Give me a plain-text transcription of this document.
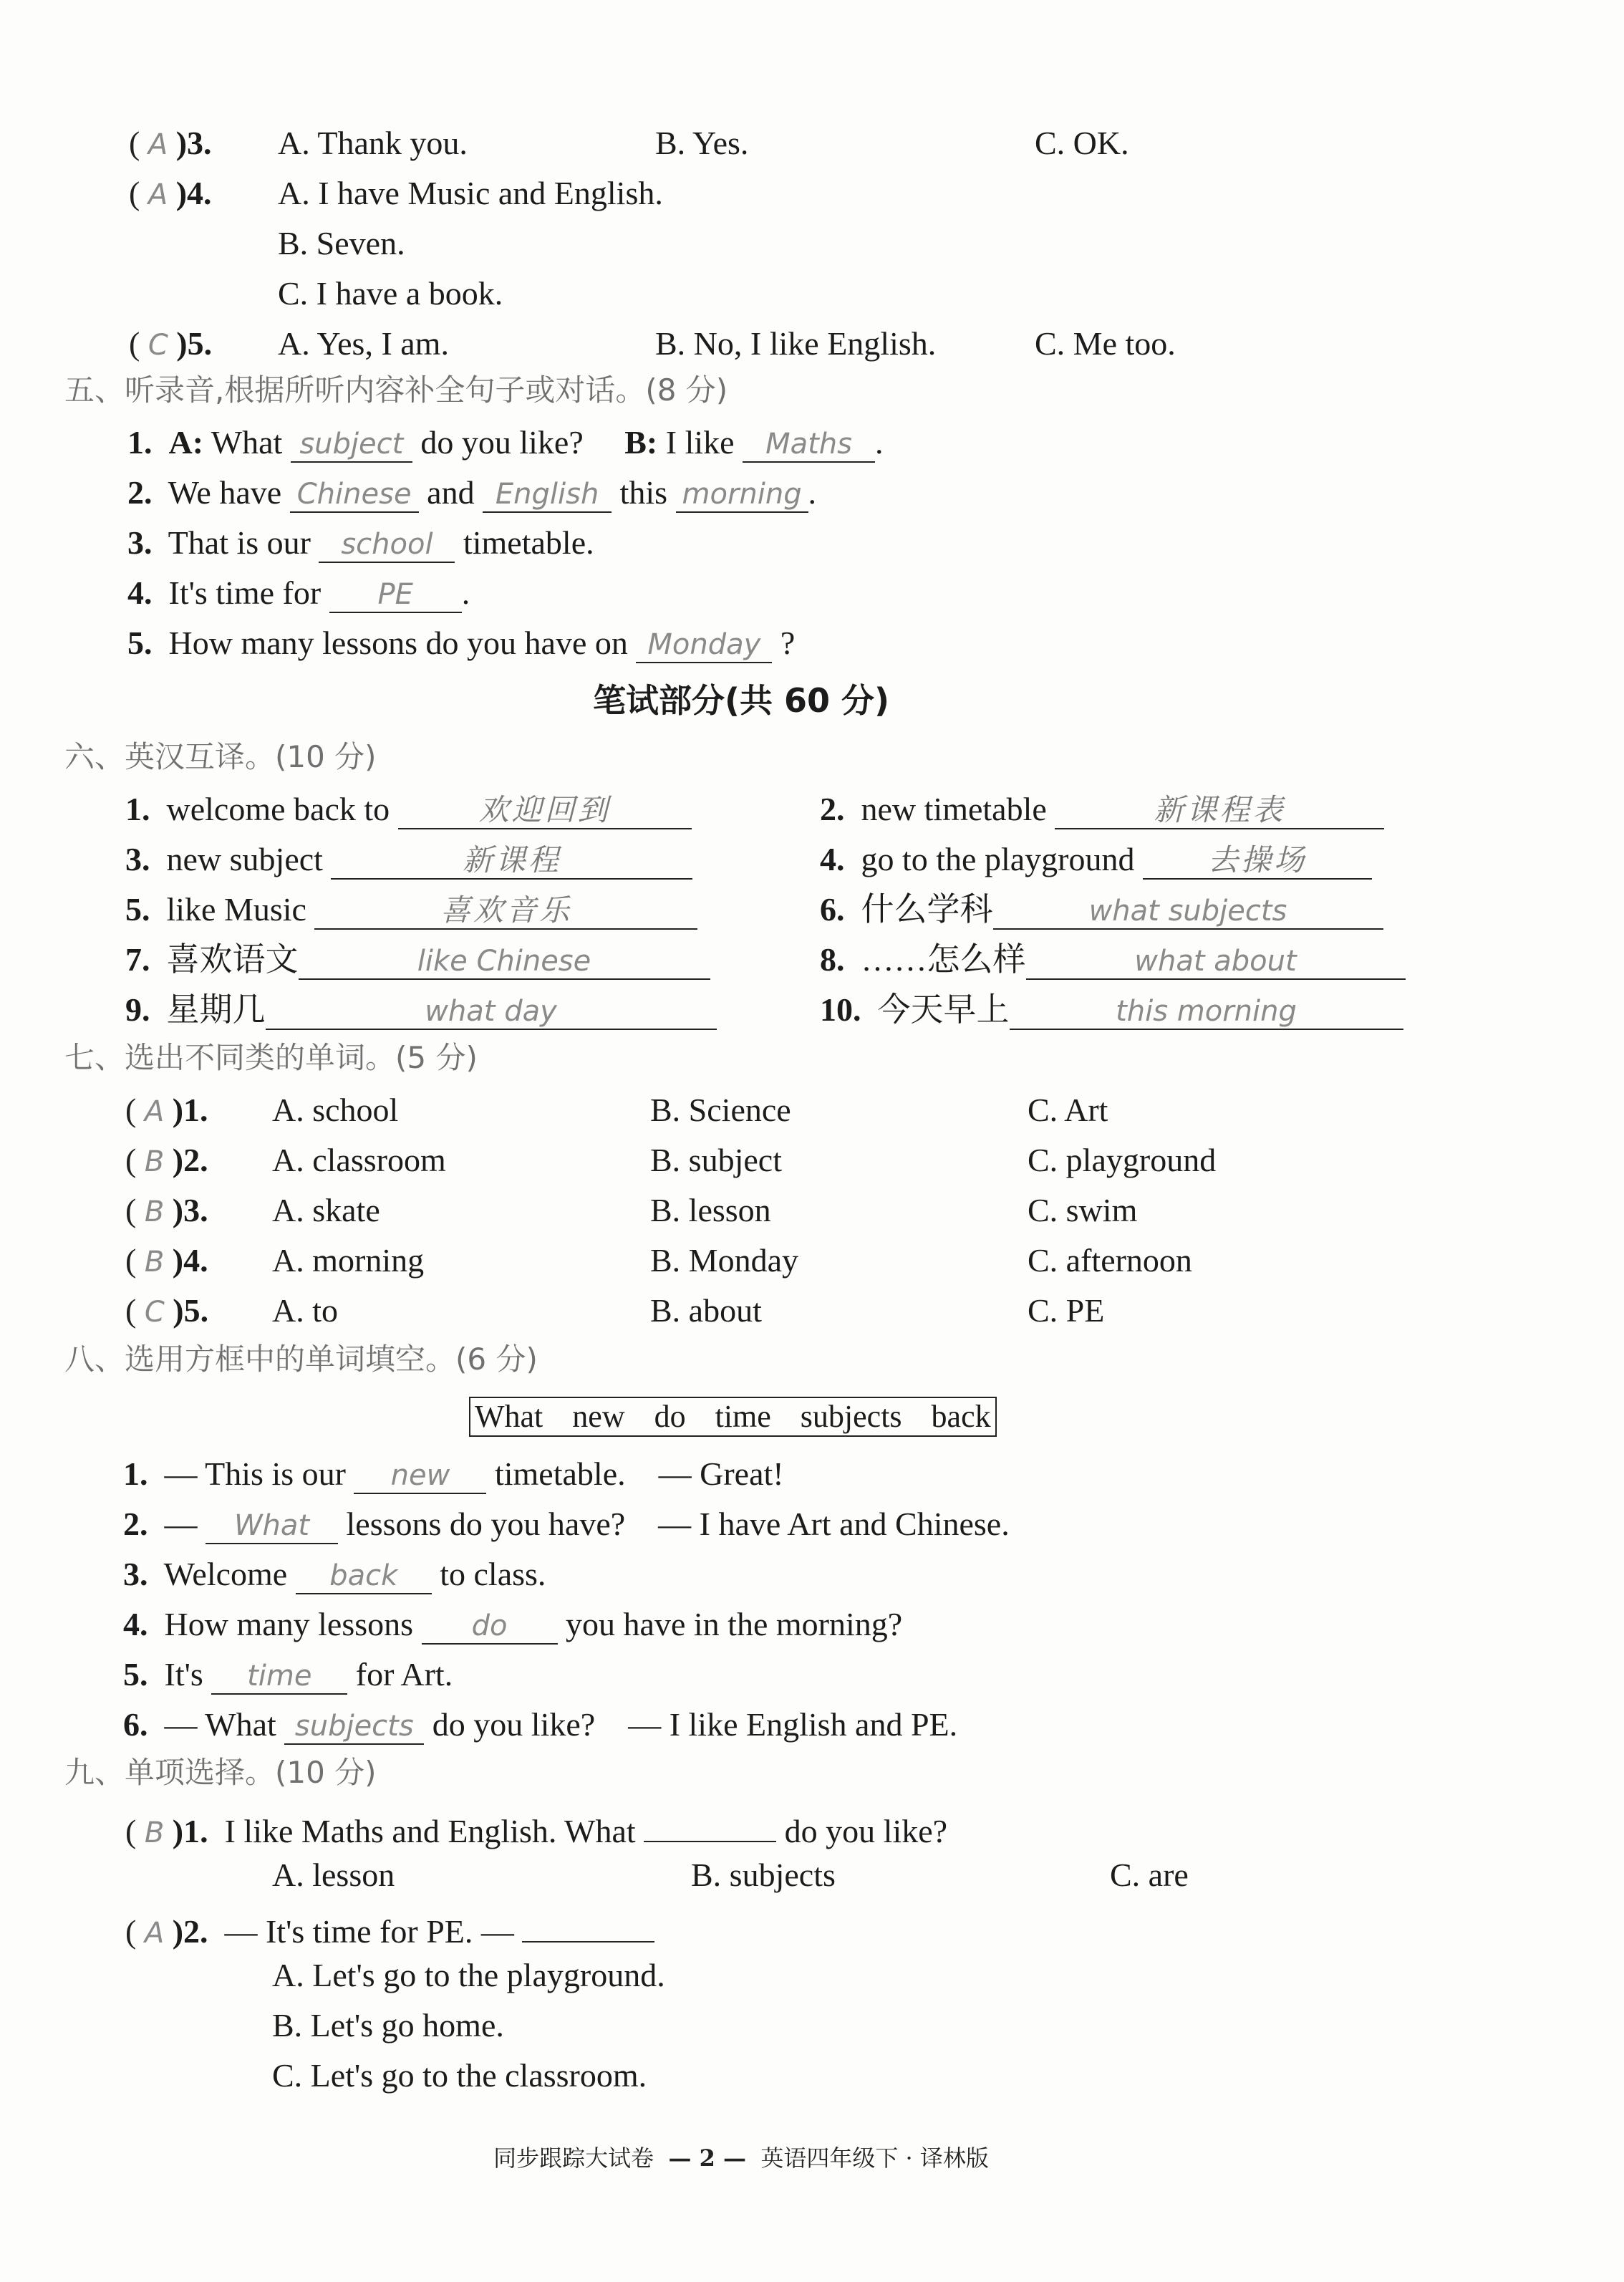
( A )3. A. Thank you.	B. Yes.	C. OK.
( A )4. A. I have Music and English.
B. Seven.
C. I have a book.
( C )5. A. Yes, I am.	B. No, I like English.	C. Me too.
五、听录音,根据所听内容补全句子或对话。(8 分)
1. A: What subject do you like? B: I like Maths .
2. We have Chinese and English this morning .
3. That is our school timetable.
4. It's time for PE .
5. How many lessons do you have on Monday ?
笔试部分(共 60 分)
六、英汉互译。(10 分)
1. welcome back to	欢迎回到
3. new subject	新课程
5. like Music	喜欢音乐
7. 喜欢语文	like Chinese
9. 星期几	what day
2. new timetable	新课程表
4. go to the playground 去操场
6. 什么学科	what subjects
8. ……怎么样	what about
10. 今天早上	this morning
七、选出不同类的单词。(5 分)
( A )1. A. school	B. Science	C. Art
( B )2. A. classroom	B. subject	C. playground
( B )3. A. skate	B. lesson	C. swim
( B )4. A. morning	B. Monday	C. afternoon
( C )5. A. to	B. about	C. PE
八、选用方框中的单词填空。(6 分)
What new do time subjects back
1. — This is our new timetable. — Great!
2. — What lessons do you have? — I have Art and Chinese.
3. Welcome back to class.
4. How many lessons do you have in the morning?
5. It's time for Art.
6. — What subjects do you like? — I like English and PE.
九、单项选择。(10 分)
( B )1. I like Maths and English. What	do you like?
A. lesson	B. subjects	C. are
( A )2. — It's time for PE. —
A. Let's go to the playground.
B. Let's go home.
C. Let's go to the classroom.
同步跟踪大试卷 — 2 — 英语四年级下 · 译林版
